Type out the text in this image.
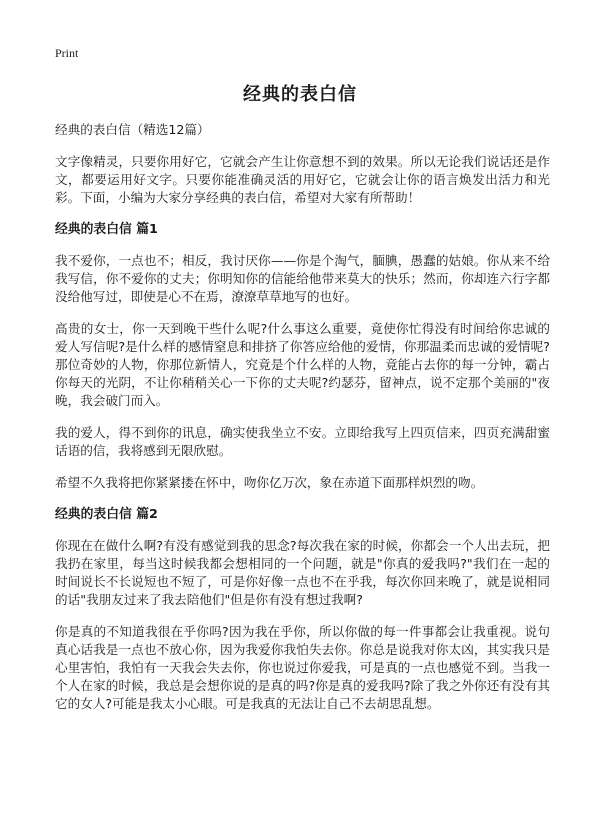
Print
经典的表白信

经典的表白信（精选12篇）

文字像精灵，只要你用好它，它就会产生让你意想不到的效果。所以无论我们说话还是作文，都要运用好文字。只要你能准确灵活的用好它，它就会让你的语言焕发出活力和光彩。下面，小编为大家分享经典的表白信，希望对大家有所帮助！

经典的表白信 篇1

我不爱你，一点也不；相反，我讨厌你——你是个淘气，腼腆，愚蠢的姑娘。你从来不给我写信，你不爱你的丈夫；你明知你的信能给他带来莫大的快乐；然而，你却连六行字都没给他写过，即使是心不在焉，潦潦草草地写的也好。

高贵的女士，你一天到晚干些什么呢?什么事这么重要，竟使你忙得没有时间给你忠诚的爱人写信呢?是什么样的感情窒息和排挤了你答应给他的爱情，你那温柔而忠诚的爱情呢?那位奇妙的人物，你那位新情人，究竟是个什么样的人物，竟能占去你的每一分钟，霸占你每天的光阴，不让你稍稍关心一下你的丈夫呢?约瑟芬，留神点，说不定那个美丽的"夜晚，我会破门而入。

我的爱人，得不到你的讯息，确实使我坐立不安。立即给我写上四页信来，四页充满甜蜜话语的信，我将感到无限欣慰。

希望不久我将把你紧紧搂在怀中，吻你亿万次，象在赤道下面那样炽烈的吻。

经典的表白信 篇2

你现在在做什么啊?有没有感觉到我的思念?每次我在家的时候，你都会一个人出去玩，把我扔在家里，每当这时候我都会想相同的一个问题，就是"你真的爱我吗?"我们在一起的时间说长不长说短也不短了，可是你好像一点也不在乎我，每次你回来晚了，就是说相同的话"我朋友过来了我去陪他们"但是你有没有想过我啊?

你是真的不知道我很在乎你吗?因为我在乎你，所以你做的每一件事都会让我重视。说句真心话我是一点也不放心你，因为我爱你我怕失去你。你总是说我对你太凶，其实我只是心里害怕，我怕有一天我会失去你，你也说过你爱我，可是真的一点也感觉不到。当我一个人在家的时候，我总是会想你说的是真的吗?你是真的爱我吗?除了我之外你还有没有其它的女人?可能是我太小心眼。可是我真的无法让自己不去胡思乱想。
